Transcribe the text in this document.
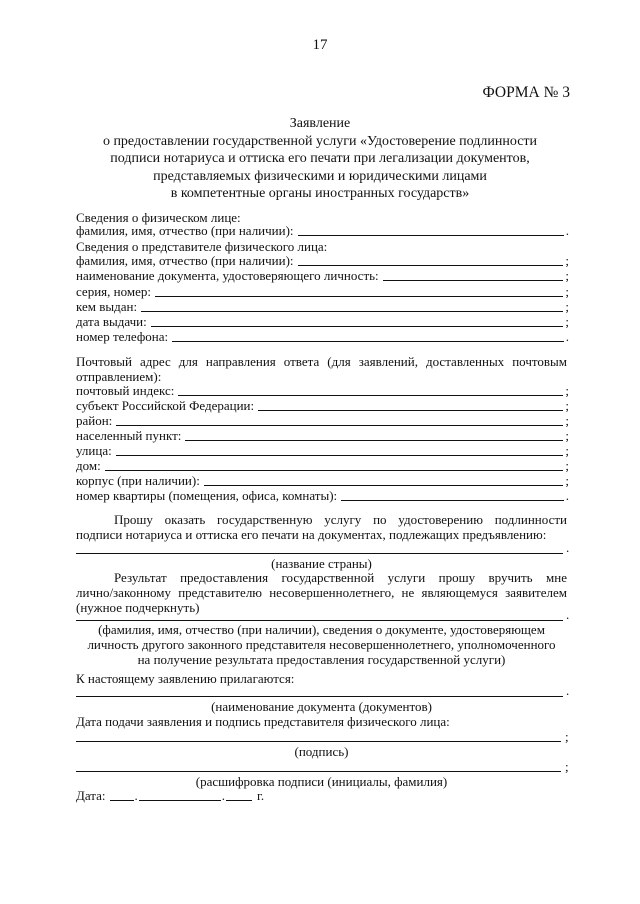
17
ФОРМА № 3
Заявление
о предоставлении государственной услуги «Удостоверение подлинности
подписи нотариуса и оттиска его печати при легализации документов,
представляемых физическими и юридическими лицами
в компетентные органы иностранных государств»
Сведения о физическом лице:
фамилия, имя, отчество (при наличии):	.
Сведения о представителе физического лица:
фамилия, имя, отчество (при наличии):	;
наименование документа, удостоверяющего личность:	;
серия, номер:	;
кем выдан:	;
дата выдачи:	;
номер телефона:	.
Почтовый адрес для направления ответа (для заявлений, доставленных почтовым
отправлением):
почтовый индекс:	;
субъект Российской Федерации:	;
район:	;
населенный пункт:	;
улица:	;
дом:	;
корпус (при наличии):	;
номер квартиры (помещения, офиса, комнаты):	.
Прошу оказать государственную услугу по удостоверению подлинности
подписи нотариуса и оттиска его печати на документах, подлежащих предъявлению:
.
(название страны)
Результат предоставления государственной услуги прошу вручить мне
лично/законному представителю несовершеннолетнего, не являющемуся заявителем
(нужное подчеркнуть)	.
(фамилия, имя, отчество (при наличии), сведения о документе, удостоверяющем
личность другого законного представителя несовершеннолетнего, уполномоченного
на получение результата предоставления государственной услуги)
К настоящему заявлению прилагаются:
.
(наименование документа (документов)
Дата подачи заявления и подпись представителя физического лица:
;
(подпись)
;
(расшифровка подписи (инициалы, фамилия)
Дата: .	. г.
